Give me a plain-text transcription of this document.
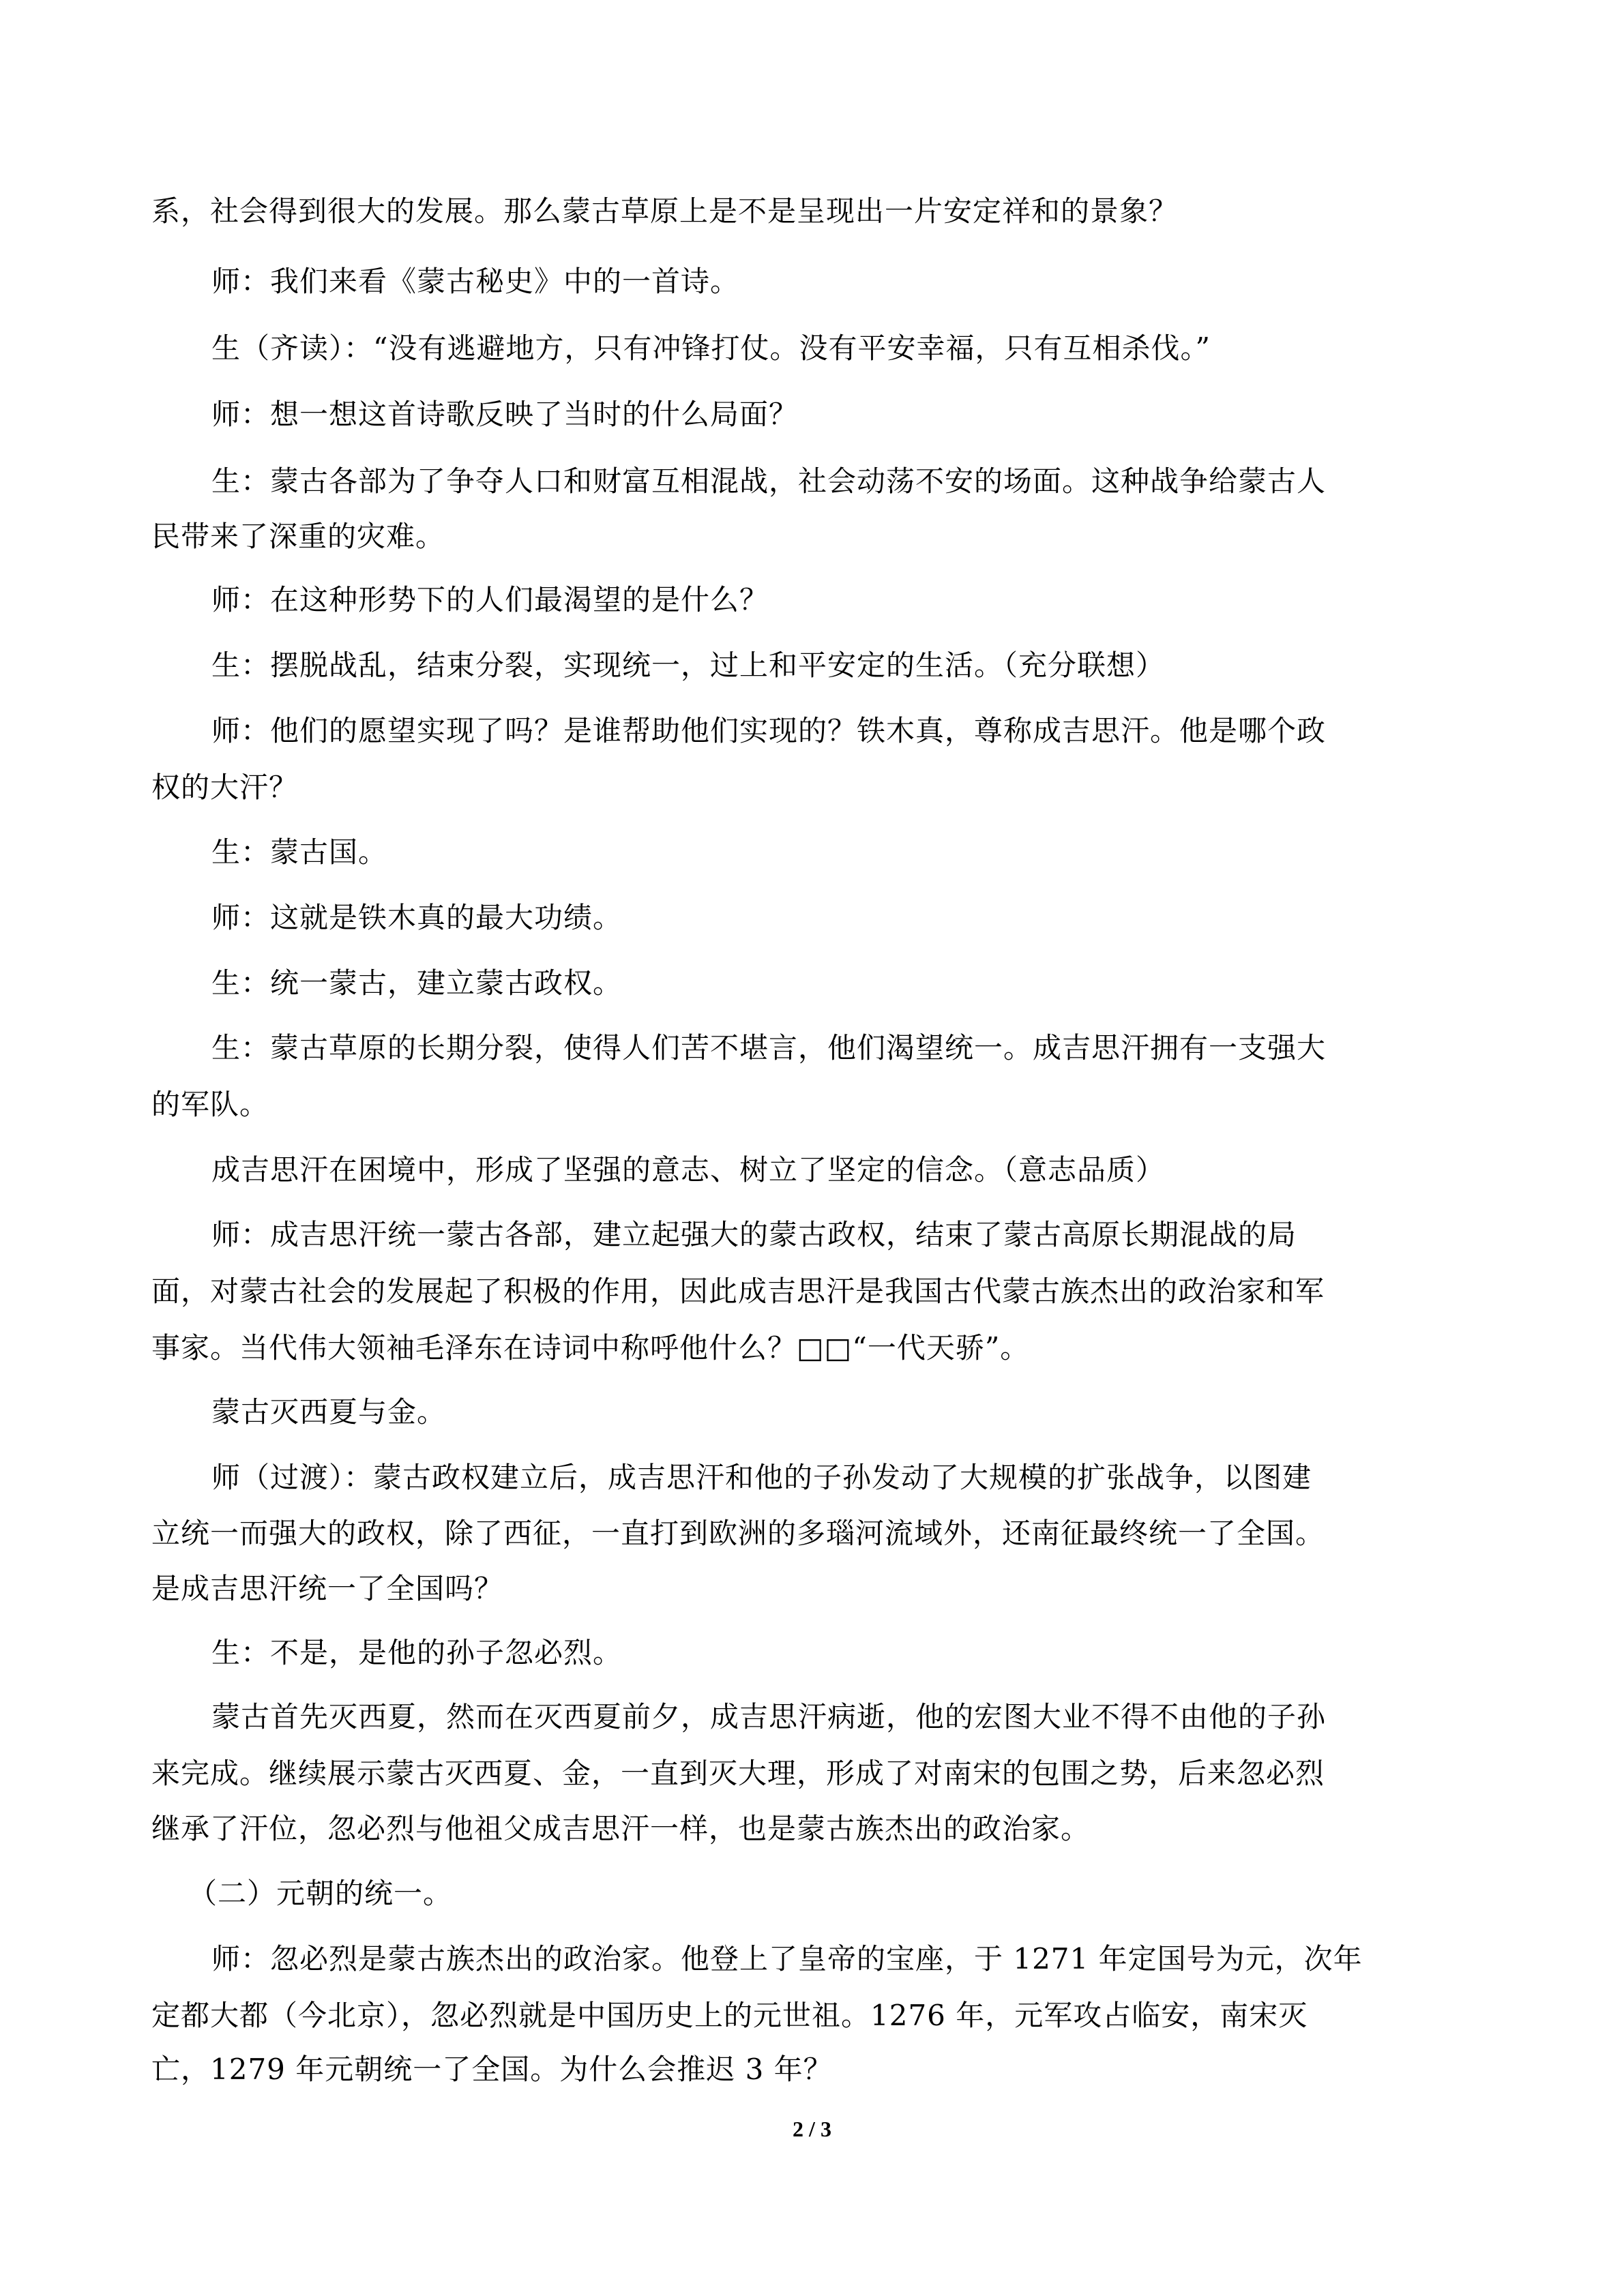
系，社会得到很大的发展。那么蒙古草原上是不是呈现出一片安定祥和的景象？
师：我们来看《蒙古秘史》中的一首诗。
生（齐读）：“没有逃避地方，只有冲锋打仗。没有平安幸福，只有互相杀伐。”
师：想一想这首诗歌反映了当时的什么局面？
生：蒙古各部为了争夺人口和财富互相混战，社会动荡不安的场面。这种战争给蒙古人
民带来了深重的灾难。
师：在这种形势下的人们最渴望的是什么？
生：摆脱战乱，结束分裂，实现统一，过上和平安定的生活。（充分联想）
师：他们的愿望实现了吗？是谁帮助他们实现的？铁木真，尊称成吉思汗。他是哪个政
权的大汗？
生：蒙古国。
师：这就是铁木真的最大功绩。
生：统一蒙古，建立蒙古政权。
生：蒙古草原的长期分裂，使得人们苦不堪言，他们渴望统一。成吉思汗拥有一支强大
的军队。
成吉思汗在困境中，形成了坚强的意志、树立了坚定的信念。（意志品质）
师：成吉思汗统一蒙古各部，建立起强大的蒙古政权，结束了蒙古高原长期混战的局
面，对蒙古社会的发展起了积极的作用，因此成吉思汗是我国古代蒙古族杰出的政治家和军
事家。当代伟大领袖毛泽东在诗词中称呼他什么？□□“一代天骄”。
蒙古灭西夏与金。
师（过渡）：蒙古政权建立后，成吉思汗和他的子孙发动了大规模的扩张战争，以图建
立统一而强大的政权，除了西征，一直打到欧洲的多瑙河流域外，还南征最终统一了全国。
是成吉思汗统一了全国吗？
生：不是，是他的孙子忽必烈。
蒙古首先灭西夏，然而在灭西夏前夕，成吉思汗病逝，他的宏图大业不得不由他的子孙
来完成。继续展示蒙古灭西夏、金，一直到灭大理，形成了对南宋的包围之势，后来忽必烈
继承了汗位，忽必烈与他祖父成吉思汗一样，也是蒙古族杰出的政治家。
（二）元朝的统一。
师：忽必烈是蒙古族杰出的政治家。他登上了皇帝的宝座，于 1271 年定国号为元，次年
定都大都（今北京），忽必烈就是中国历史上的元世祖。1276 年，元军攻占临安，南宋灭
亡，1279 年元朝统一了全国。为什么会推迟 3 年？
2 / 3
